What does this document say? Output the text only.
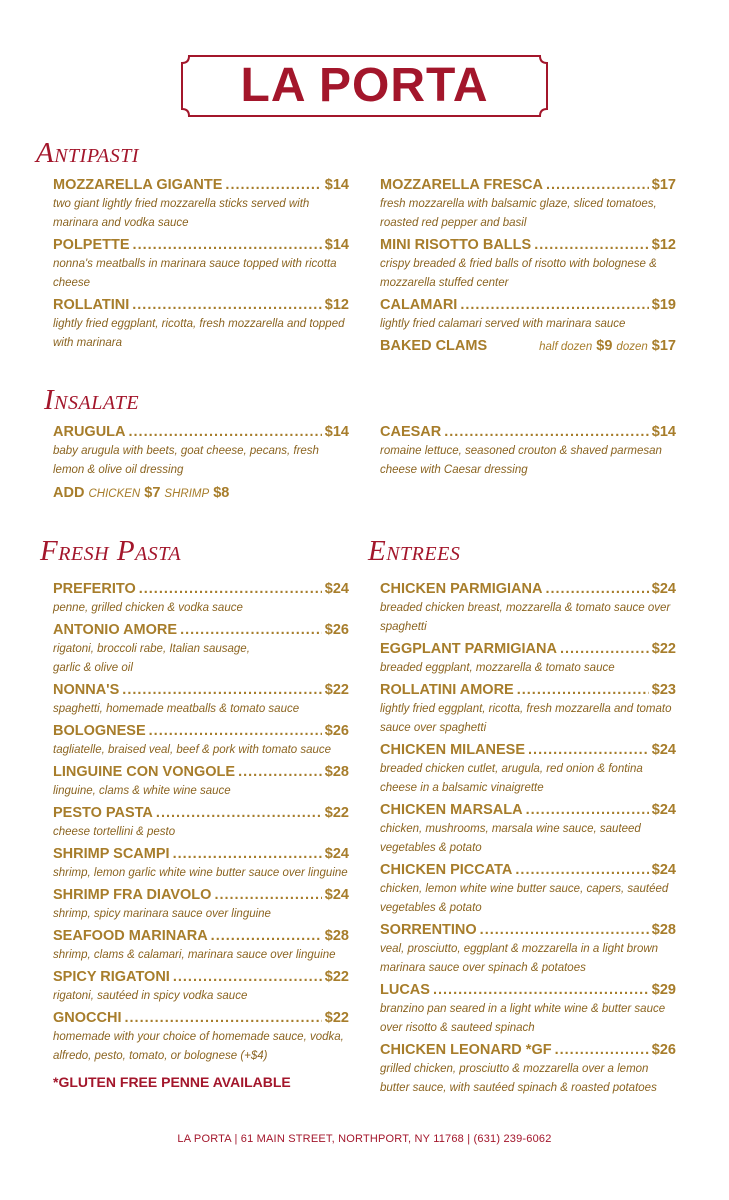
LA PORTA
Antipasti
Insalate
Fresh Pasta	Entrees
MOZZARELLA GIGANTE .....	$14
two giant lightly fried mozzarella sticks served with marinara and vodka sauce
POLPETTE .....	$14
nonna's meatballs in marinara sauce topped with ricotta cheese
ROLLATINI .....	$12
lightly fried eggplant, ricotta, fresh mozzarella and topped with marinara
MOZZARELLA FRESCA .....	$17
fresh mozzarella with balsamic glaze, sliced tomatoes, roasted red pepper and basil
MINI RISOTTO BALLS .....	$12
crispy breaded & fried balls of risotto with bolognese & mozzarella stuffed center
CALAMARI .....	$19
lightly fried calamari served with marinara sauce
BAKED CLAMS	half dozen $9 dozen $17
ARUGULA .....	$14
baby arugula with beets, goat cheese, pecans, fresh lemon & olive oil dressing
ADD CHICKEN $7 SHRIMP $8
CAESAR .....	$14
romaine lettuce, seasoned crouton & shaved parmesan cheese with Caesar dressing
PREFERITO .....	$24
penne, grilled chicken & vodka sauce
ANTONIO AMORE .....	$26
rigatoni, broccoli rabe, Italian sausage, garlic & olive oil
NONNA'S .....	$22
spaghetti, homemade meatballs & tomato sauce
BOLOGNESE .....	$26
tagliatelle, braised veal, beef & pork with tomato sauce
LINGUINE CON VONGOLE .....	$28
linguine, clams & white wine sauce
PESTO PASTA .....	$22
cheese tortellini & pesto
SHRIMP SCAMPI .....	$24
shrimp, lemon garlic white wine butter sauce over linguine
SHRIMP FRA DIAVOLO .....	$24
shrimp, spicy marinara sauce over linguine
SEAFOOD MARINARA .....	$28
shrimp, clams & calamari, marinara sauce over linguine
SPICY RIGATONI .....	$22
rigatoni, sautéed in spicy vodka sauce
GNOCCHI .....	$22
homemade with your choice of homemade sauce, vodka, alfredo, pesto, tomato, or bolognese (+$4)
*GLUTEN FREE PENNE AVAILABLE
CHICKEN PARMIGIANA .....	$24
breaded chicken breast, mozzarella & tomato sauce over spaghetti
EGGPLANT PARMIGIANA .....	$22
breaded eggplant, mozzarella & tomato sauce
ROLLATINI AMORE .....	$23
lightly fried eggplant, ricotta, fresh mozzarella and tomato sauce over spaghetti
CHICKEN MILANESE .....	$24
breaded chicken cutlet, arugula, red onion & fontina cheese in a balsamic vinaigrette
CHICKEN MARSALA .....	$24
chicken, mushrooms, marsala wine sauce, sauteed vegetables & potato
CHICKEN PICCATA .....	$24
chicken, lemon white wine butter sauce, capers, sautéed vegetables & potato
SORRENTINO .....	$28
veal, prosciutto, eggplant & mozzarella in a light brown marinara sauce over spinach & potatoes
LUCAS .....	$29
branzino pan seared in a light white wine & butter sauce over risotto & sauteed spinach
CHICKEN LEONARD *GF .....	$26
grilled chicken, prosciutto & mozzarella over a lemon butter sauce, with sautéed spinach & roasted potatoes
LA PORTA | 61 MAIN STREET, NORTHPORT, NY 11768 | (631) 239-6062
